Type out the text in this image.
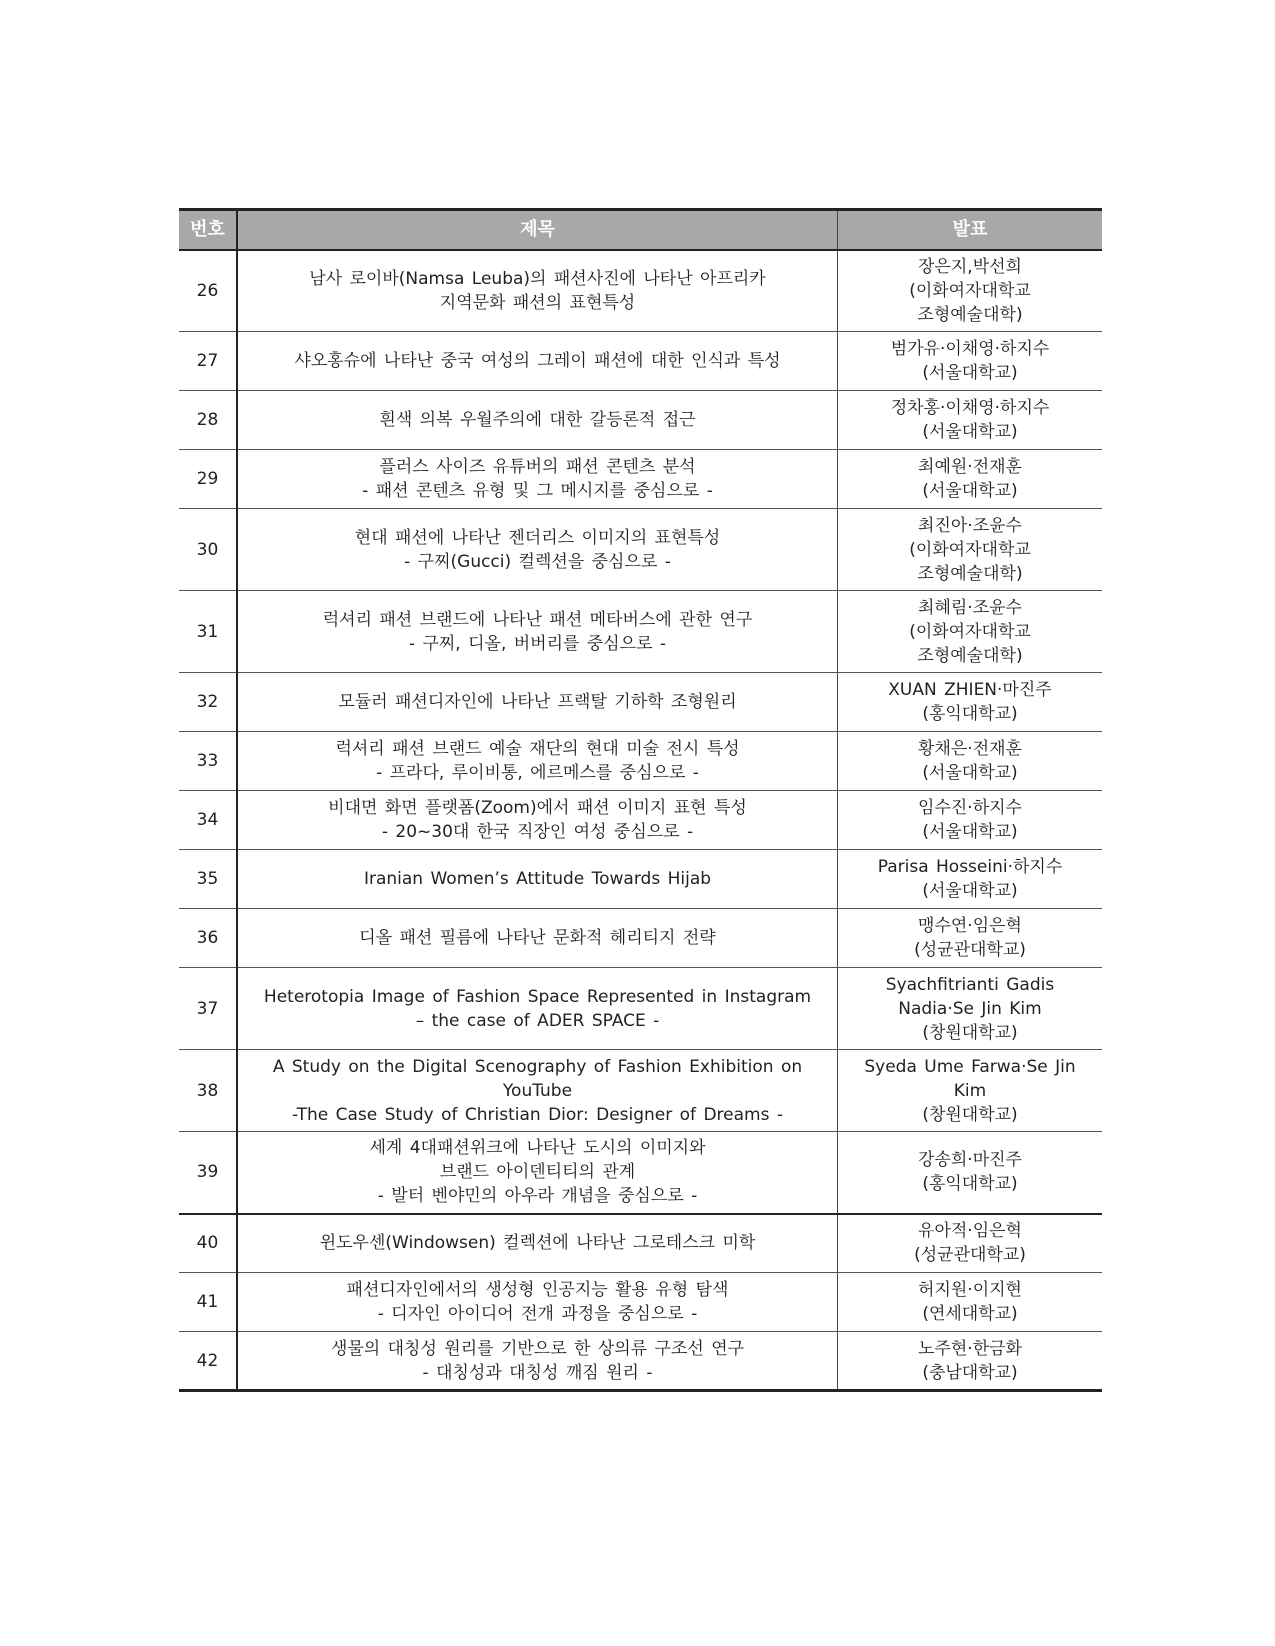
번호	제목	발표
26	남사 로이바(Namsa Leuba)의 패션사진에 나타난 아프리카
지역문화 패션의 표현특성	장은지,박선희
(이화여자대학교
조형예술대학)

27	샤오홍슈에 나타난 중국 여성의 그레이 패션에 대한 인식과 특성	범가유·이채영·하지수
(서울대학교)

28	흰색 의복 우월주의에 대한 갈등론적 접근	정차홍·이채영·하지수
(서울대학교)

29	플러스 사이즈 유튜버의 패션 콘텐츠 분석
- 패션 콘텐츠 유형 및 그 메시지를 중심으로 -	최예원·전재훈
(서울대학교)

30	현대 패션에 나타난 젠더리스 이미지의 표현특성
- 구찌(Gucci) 컬렉션을 중심으로 -	최진아·조윤수
(이화여자대학교
조형예술대학)

31	럭셔리 패션 브랜드에 나타난 패션 메타버스에 관한 연구
- 구찌, 디올, 버버리를 중심으로 -	최혜림·조윤수
(이화여자대학교
조형예술대학)

32	모듈러 패션디자인에 나타난 프랙탈 기하학 조형원리	XUAN ZHIEN·마진주
(홍익대학교)

33	럭셔리 패션 브랜드 예술 재단의 현대 미술 전시 특성
- 프라다, 루이비통, 에르메스를 중심으로 -	황채은·전재훈
(서울대학교)

34	비대면 화면 플랫폼(Zoom)에서 패션 이미지 표현 특성
- 20~30대 한국 직장인 여성 중심으로 -	임수진·하지수
(서울대학교)

35	Iranian Women’s Attitude Towards Hijab	Parisa Hosseini·하지수
(서울대학교)

36	디올 패션 필름에 나타난 문화적 헤리티지 전략	맹수연·임은혁
(성균관대학교)

37	Heterotopia Image of Fashion Space Represented in Instagram
– the case of ADER SPACE -	Syachfitrianti Gadis
Nadia·Se Jin Kim
(창원대학교)

38	A Study on the Digital Scenography of Fashion Exhibition on
YouTube
-The Case Study of Christian Dior: Designer of Dreams -	Syeda Ume Farwa·Se Jin
Kim
(창원대학교)

39	세계 4대패션위크에 나타난 도시의 이미지와
브랜드 아이덴티티의 관계
- 발터 벤야민의 아우라 개념을 중심으로 -	강송희·마진주
(홍익대학교)

40	윈도우센(Windowsen) 컬렉션에 나타난 그로테스크 미학	유아적·임은혁
(성균관대학교)

41	패션디자인에서의 생성형 인공지능 활용 유형 탐색
- 디자인 아이디어 전개 과정을 중심으로 -	허지원·이지현
(연세대학교)

42	생물의 대칭성 원리를 기반으로 한 상의류 구조선 연구
- 대칭성과 대칭성 깨짐 원리 -	노주현·한금화
(충남대학교)
